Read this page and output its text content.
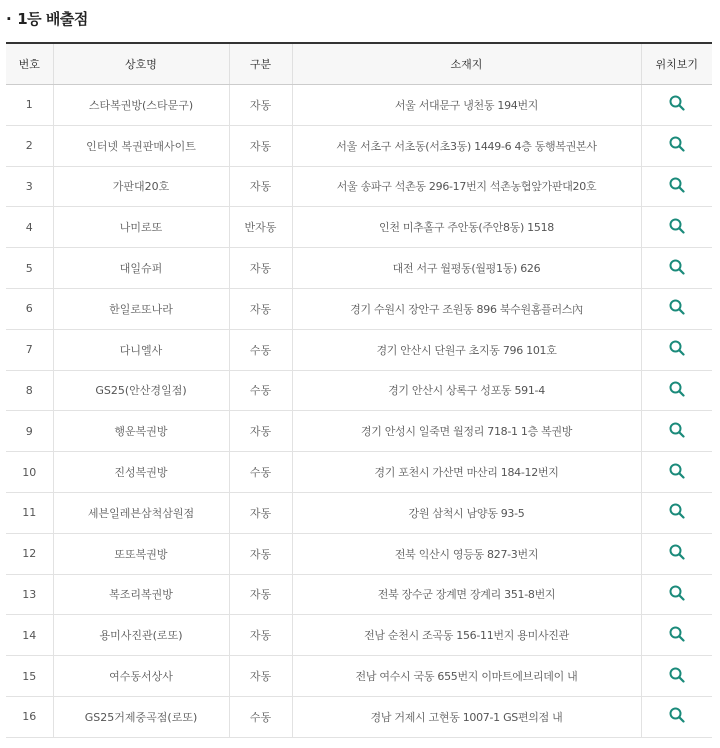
· 1등 배출점
번호	상호명	구분	소재지	위치보기
1	스타복권방(스타문구)	자동	서울 서대문구 냉천동 194번지	
2	인터넷 복권판매사이트	자동	서울 서초구 서초동(서초3동) 1449-6 4층 동행복권본사	
3	가판대20호	자동	서울 송파구 석촌동 296-17번지 석촌농협앞가판대20호	
4	나미로또	반자동	인천 미추홀구 주안동(주안8동) 1518	
5	대일슈퍼	자동	대전 서구 월평동(월평1동) 626	
6	한일로또나라	자동	경기 수원시 장안구 조원동 896 북수원홈플러스內	
7	다니엘사	수동	경기 안산시 단원구 초지동 796 101호	
8	GS25(안산경일점)	수동	경기 안산시 상록구 성포동 591-4	
9	행운복권방	자동	경기 안성시 일죽면 월정리 718-1 1층 복권방	
10	진성복권방	수동	경기 포천시 가산면 마산리 184-12번지	
11	세븐일레븐삼척삼원점	자동	강원 삼척시 남양동 93-5	
12	또또복권방	자동	전북 익산시 영등동 827-3번지	
13	복조리복권방	자동	전북 장수군 장계면 장계리 351-8번지	
14	용미사진관(로또)	자동	전남 순천시 조곡동 156-11번지 용미사진관	
15	여수동서상사	자동	전남 여수시 국동 655번지 이마트에브리데이 내	
16	GS25거제중곡점(로또)	수동	경남 거제시 고현동 1007-1 GS편의점 내	
